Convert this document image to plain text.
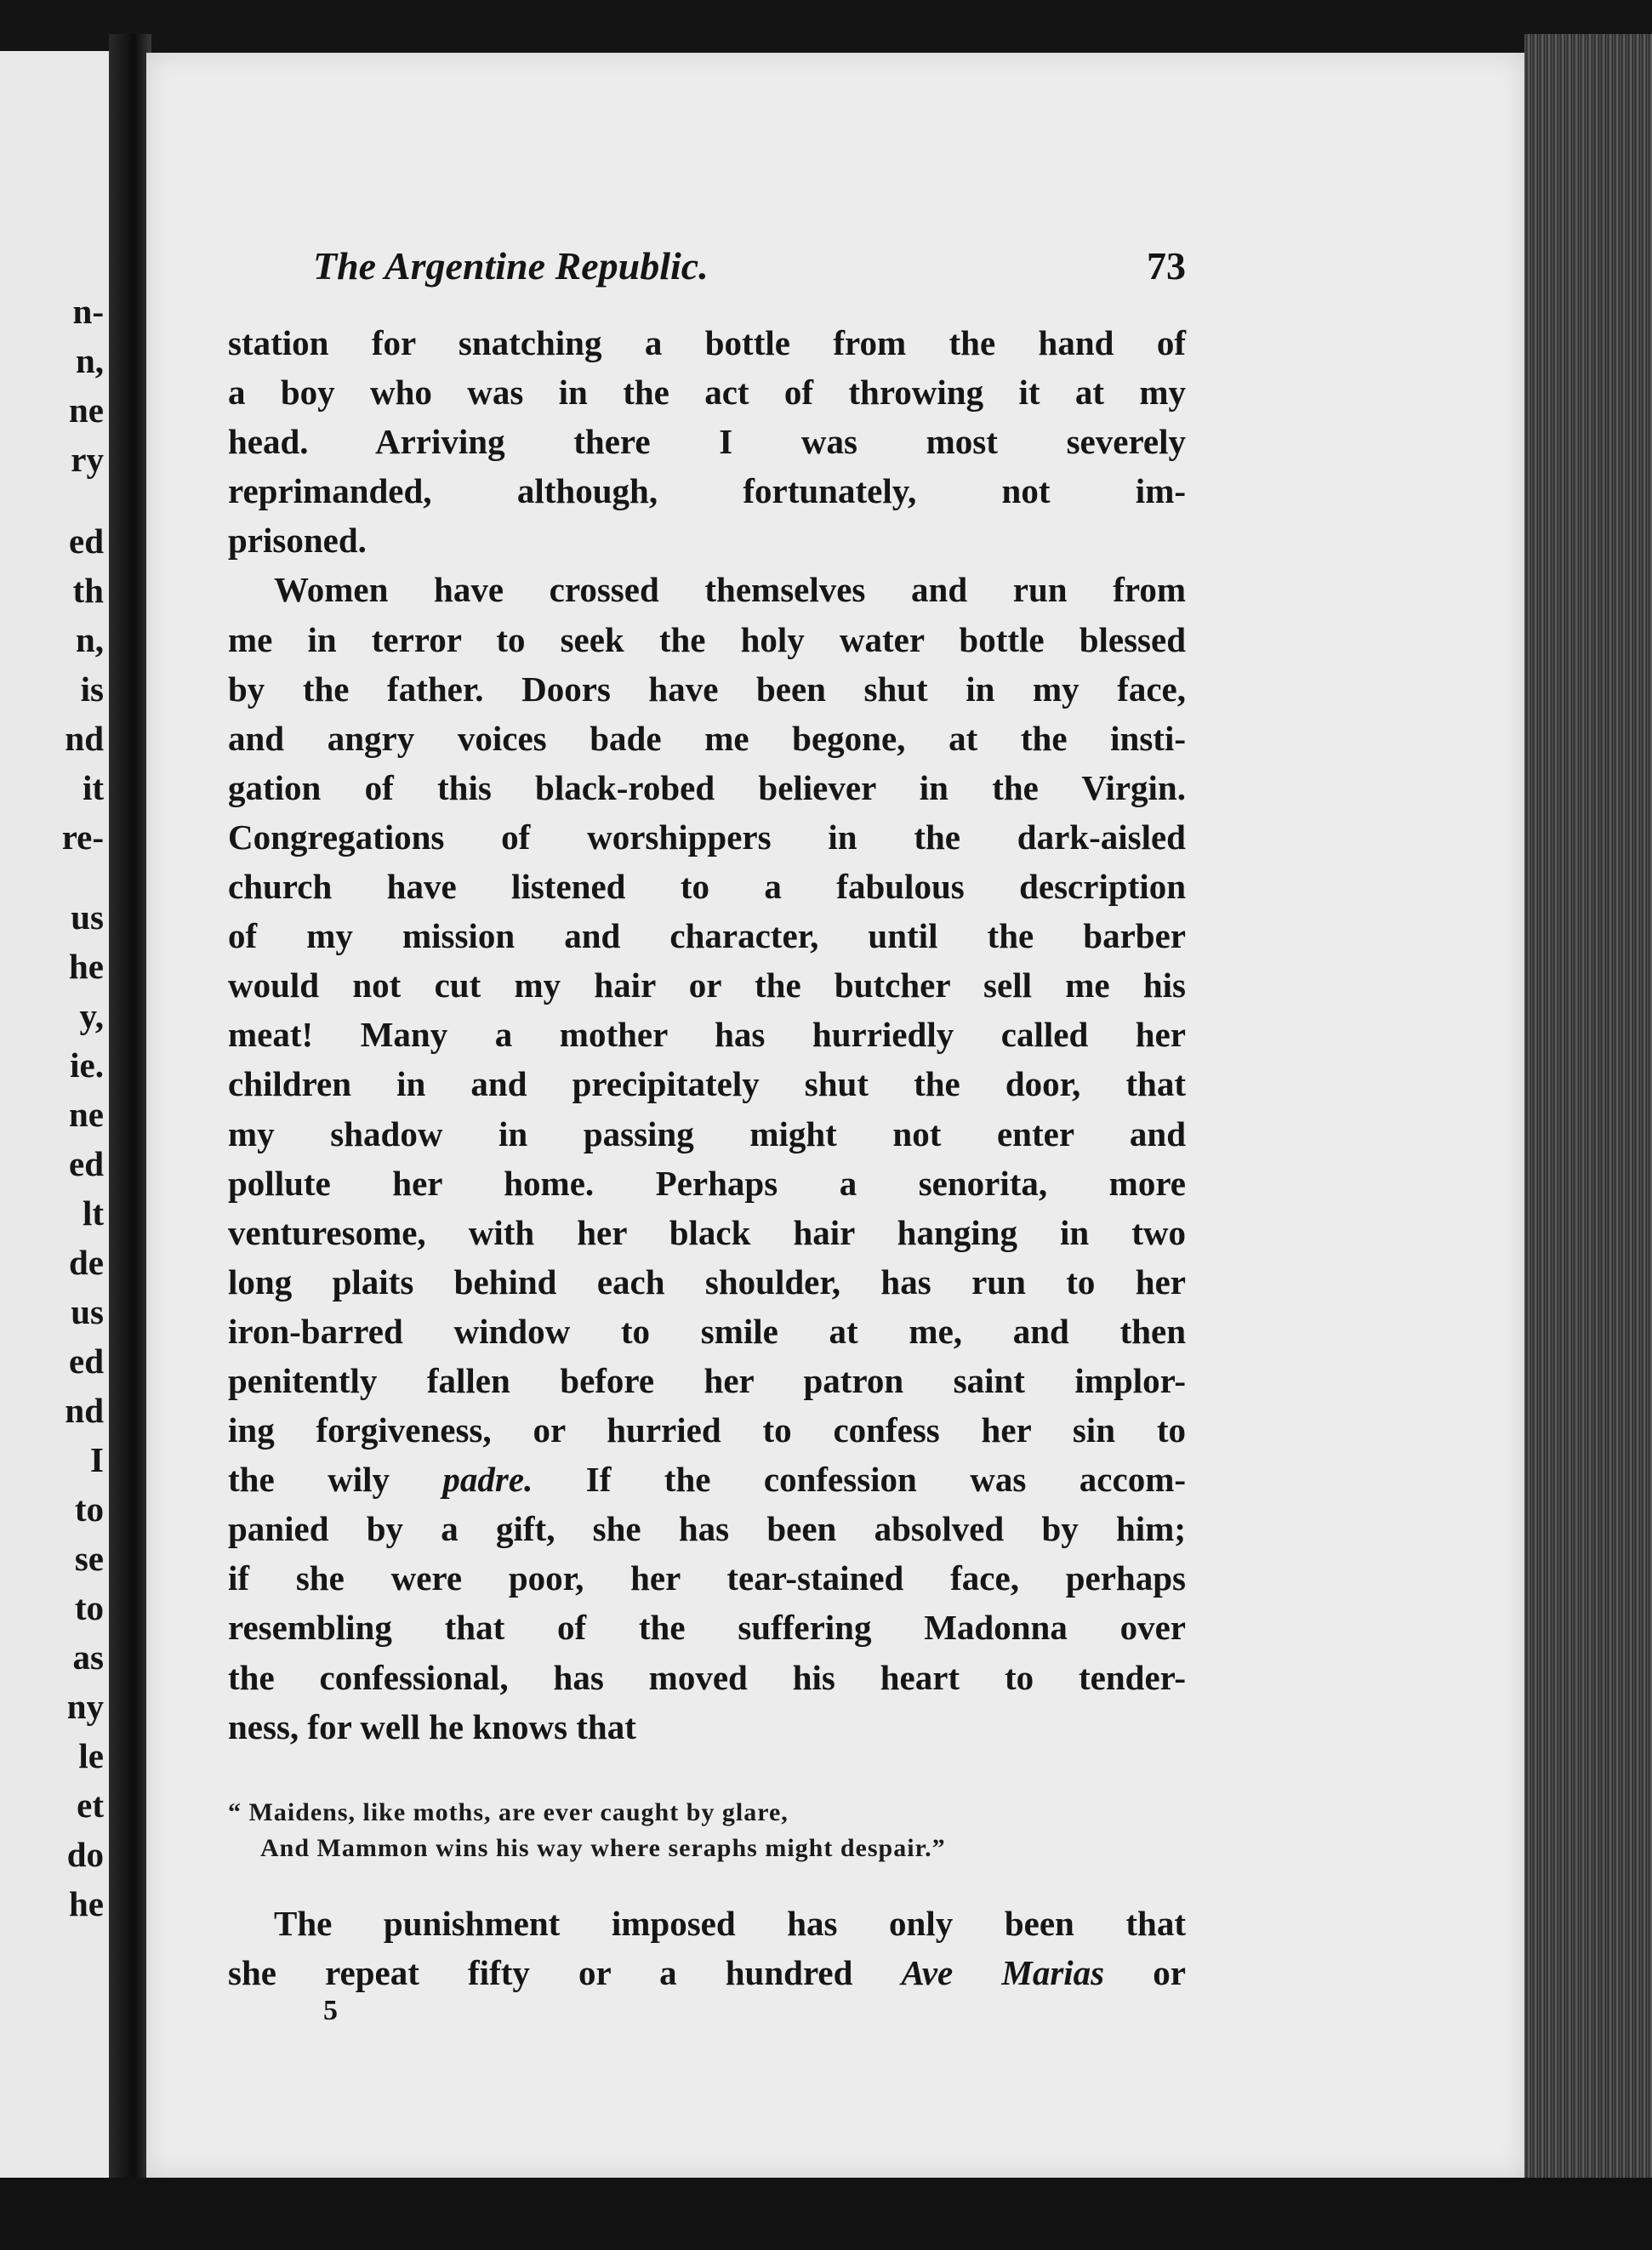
n-
n,
ne
ry
ed
th
n,
is
nd
it
re-
us
he
y,
ie.
ne
ed
lt
de
us
ed
nd
I
to
se
to
as
ny
le
et
do
he
The Argentine Republic.	73
station for snatching a bottle from the hand of
a boy who was in the act of throwing it at my
head. Arriving there I was most severely
reprimanded, although, fortunately, not im-
prisoned.
Women have crossed themselves and run from
me in terror to seek the holy water bottle blessed
by the father. Doors have been shut in my face,
and angry voices bade me begone, at the insti-
gation of this black-robed believer in the Virgin.
Congregations of worshippers in the dark-aisled
church have listened to a fabulous description
of my mission and character, until the barber
would not cut my hair or the butcher sell me his
meat! Many a mother has hurriedly called her
children in and precipitately shut the door, that
my shadow in passing might not enter and
pollute her home. Perhaps a senorita, more
venturesome, with her black hair hanging in two
long plaits behind each shoulder, has run to her
iron-barred window to smile at me, and then
penitently fallen before her patron saint implor-
ing forgiveness, or hurried to confess her sin to
the wily padre. If the confession was accom-
panied by a gift, she has been absolved by him;
if she were poor, her tear-stained face, perhaps
resembling that of the suffering Madonna over
the confessional, has moved his heart to tender-
ness, for well he knows that
“ Maidens, like moths, are ever caught by glare,
And Mammon wins his way where seraphs might despair.”
The punishment imposed has only been that
she repeat fifty or a hundred Ave Marias or
5
